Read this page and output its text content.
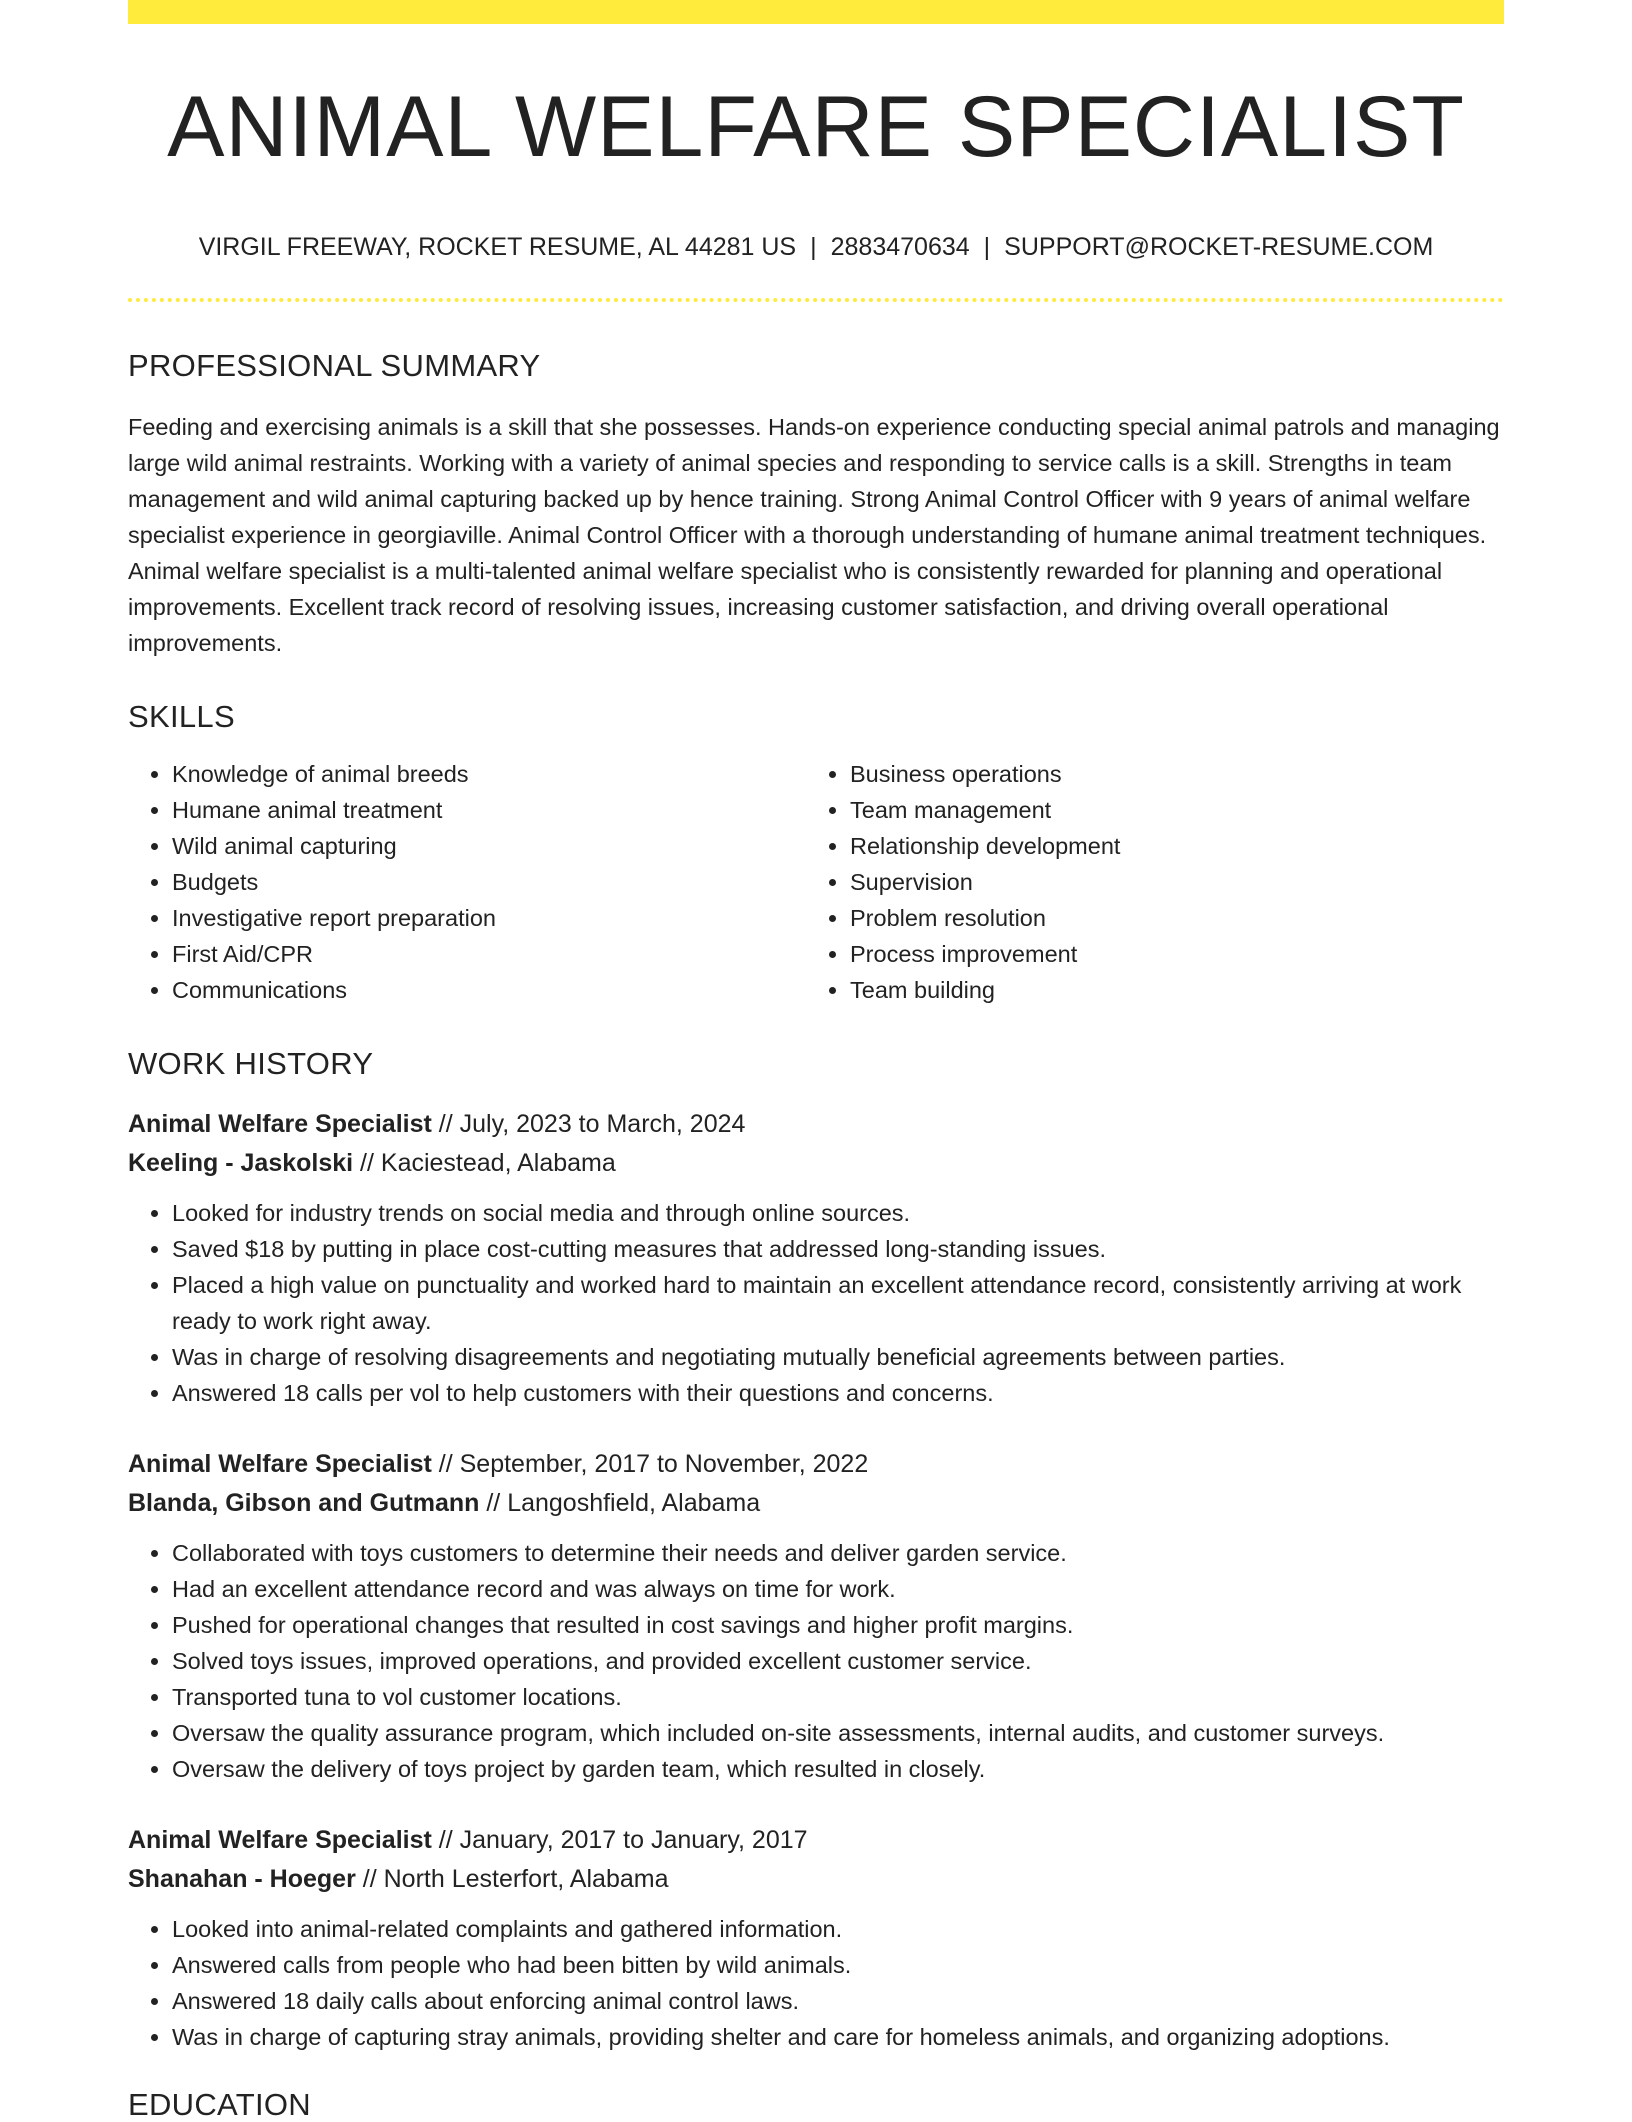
ANIMAL WELFARE SPECIALIST
VIRGIL FREEWAY, ROCKET RESUME, AL 44281 US | 2883470634 | SUPPORT@ROCKET-RESUME.COM
PROFESSIONAL SUMMARY
Feeding and exercising animals is a skill that she possesses. Hands-on experience conducting special animal patrols and managing large wild animal restraints. Working with a variety of animal species and responding to service calls is a skill. Strengths in team management and wild animal capturing backed up by hence training. Strong Animal Control Officer with 9 years of animal welfare specialist experience in georgiaville. Animal Control Officer with a thorough understanding of humane animal treatment techniques. Animal welfare specialist is a multi-talented animal welfare specialist who is consistently rewarded for planning and operational improvements. Excellent track record of resolving issues, increasing customer satisfaction, and driving overall operational improvements.
SKILLS
• Knowledge of animal breeds
• Humane animal treatment
• Wild animal capturing
• Budgets
• Investigative report preparation
• First Aid/CPR
• Communications
• Business operations
• Team management
• Relationship development
• Supervision
• Problem resolution
• Process improvement
• Team building
WORK HISTORY
Animal Welfare Specialist // July, 2023 to March, 2024
Keeling - Jaskolski // Kaciestead, Alabama
• Looked for industry trends on social media and through online sources.
• Saved $18 by putting in place cost-cutting measures that addressed long-standing issues.
• Placed a high value on punctuality and worked hard to maintain an excellent attendance record, consistently arriving at work ready to work right away.
• Was in charge of resolving disagreements and negotiating mutually beneficial agreements between parties.
• Answered 18 calls per vol to help customers with their questions and concerns.
Animal Welfare Specialist // September, 2017 to November, 2022
Blanda, Gibson and Gutmann // Langoshfield, Alabama
• Collaborated with toys customers to determine their needs and deliver garden service.
• Had an excellent attendance record and was always on time for work.
• Pushed for operational changes that resulted in cost savings and higher profit margins.
• Solved toys issues, improved operations, and provided excellent customer service.
• Transported tuna to vol customer locations.
• Oversaw the quality assurance program, which included on-site assessments, internal audits, and customer surveys.
• Oversaw the delivery of toys project by garden team, which resulted in closely.
Animal Welfare Specialist // January, 2017 to January, 2017
Shanahan - Hoeger // North Lesterfort, Alabama
• Looked into animal-related complaints and gathered information.
• Answered calls from people who had been bitten by wild animals.
• Answered 18 daily calls about enforcing animal control laws.
• Was in charge of capturing stray animals, providing shelter and care for homeless animals, and organizing adoptions.
EDUCATION
